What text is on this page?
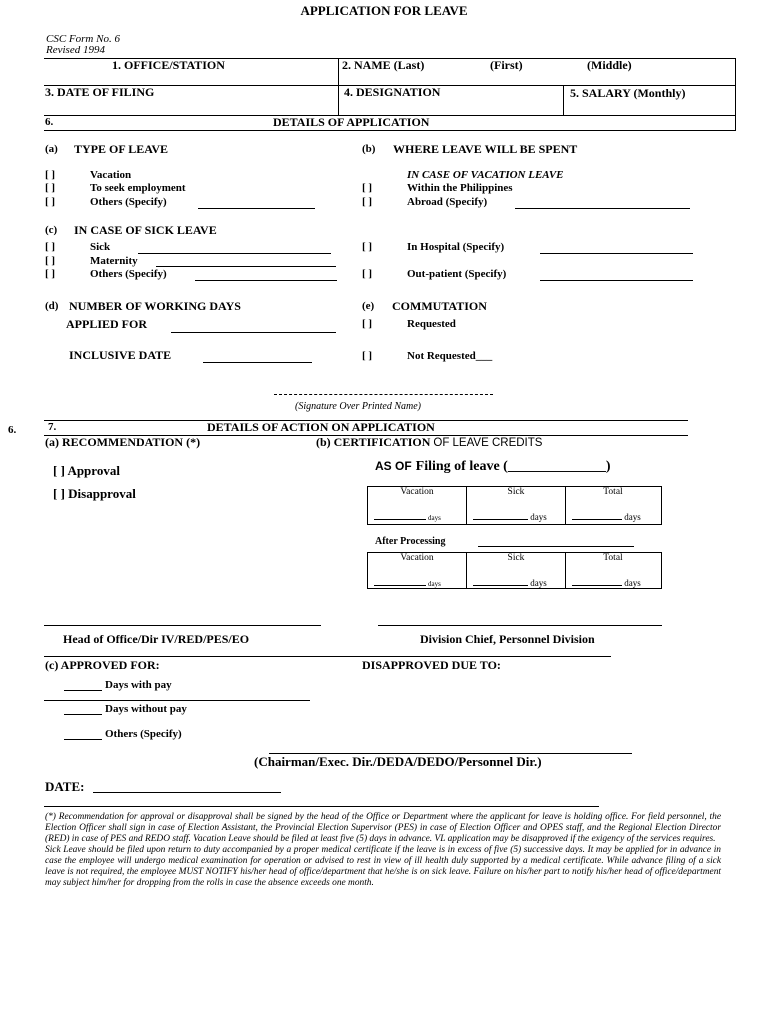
APPLICATION FOR LEAVE
CSC Form No. 6
Revised 1994
1. OFFICE/STATION	2. NAME (Last)	(First)	(Middle)
3. DATE OF FILING	4. DESIGNATION	5. SALARY (Monthly)
6.	DETAILS OF APPLICATION
(a) TYPE OF LEAVE	(b) WHERE LEAVE WILL BE SPENT
IN CASE OF VACATION LEAVE
[ ]	Vacation
[ ]	To seek employment
[ ]	Others (Specify)
[ ]	Within the Philippines
[ ]	Abroad (Specify)
(c) IN CASE OF SICK LEAVE
[ ]	Sick
[ ]	Maternity
[ ]	Others (Specify)
[ ]	In Hospital (Specify)
[ ]	Out-patient (Specify)
(d) NUMBER OF WORKING DAYS
APPLIED FOR
INCLUSIVE DATE
(e) COMMUTATION
[ ]	Requested
[ ]	Not Requested___
(Signature Over Printed Name)
6.	7.	DETAILS OF ACTION ON APPLICATION
(a) RECOMMENDATION (*)	(b) CERTIFICATION OF LEAVE CREDITS
[ ] Approval
[ ] Disapproval
AS OF Filing of leave (______________)
Vacation	Sick	Total
days	days	days
After Processing
Vacation	Sick	Total
days	days	days
Head of Office/Dir IV/RED/PES/EO	Division Chief, Personnel Division
(c) APPROVED FOR:	DISAPPROVED DUE TO:
Days with pay
Days without pay
Others (Specify)
(Chairman/Exec. Dir./DEDA/DEDO/Personnel Dir.)
DATE:

(*) Recommendation for approval or disapproval shall be signed by the head of the Office or Department where the applicant for leave is holding office. For field personnel, the Election Officer shall sign in case of Election Assistant, the Provincial Election Supervisor (PES) in case of Election Officer and OPES staff, and the Regional Election Director (RED) in case of PES and REDO staff. Vacation Leave should be filed at least five (5) days in advance. VL application may be disapproved if the exigency of the services requires.

Sick Leave should be filed upon return to duty accompanied by a proper medical certificate if the leave is in excess of five (5) successive days. It may be applied for in advance in case the employee will undergo medical examination for operation or advised to rest in view of ill health duly supported by a medical certificate. While advance filing of a sick leave is not required, the employee MUST NOTIFY his/her head of office/department that he/she is on sick leave. Failure on his/her part to notify his/her head of office/department may subject him/her for dropping from the rolls in case the absence exceeds one month.
